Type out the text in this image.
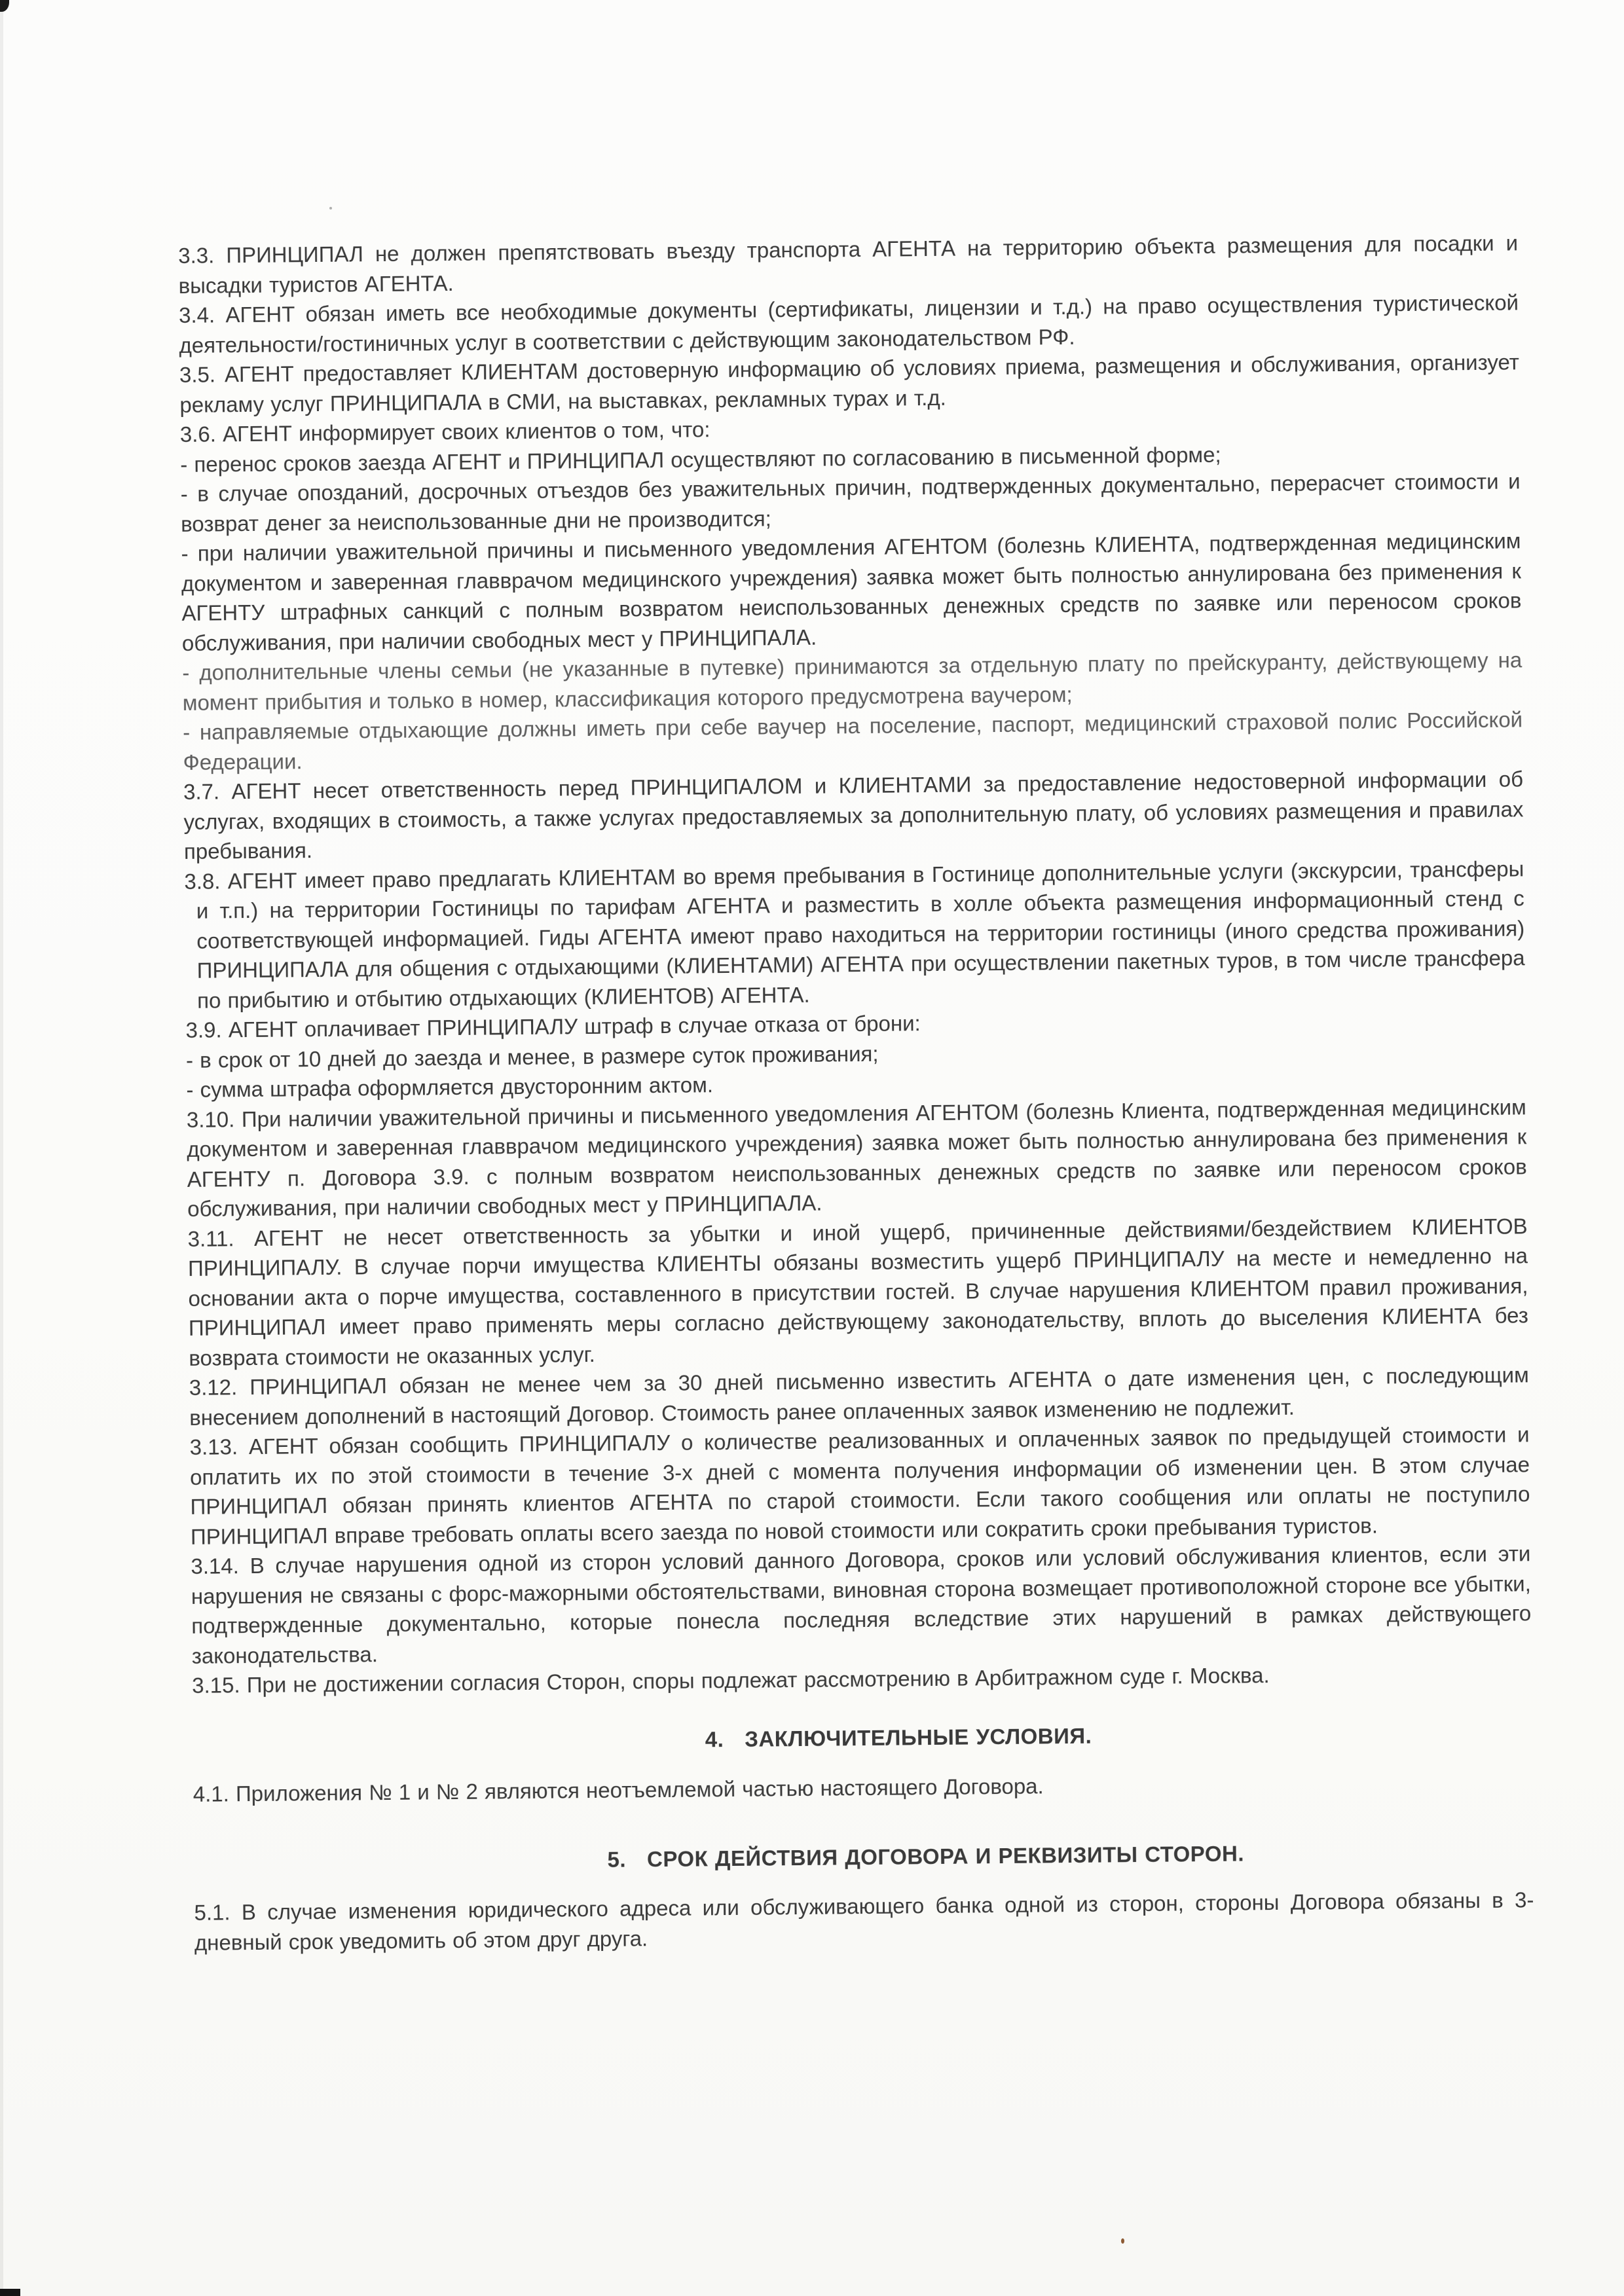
3.3. ПРИНЦИПАЛ не должен препятствовать въезду транспорта АГЕНТА на территорию объекта размещения для посадки и высадки туристов АГЕНТА.

3.4. АГЕНТ обязан иметь все необходимые документы (сертификаты, лицензии и т.д.) на право осуществления туристической деятельности/гостиничных услуг в соответствии с действующим законодательством РФ.

3.5. АГЕНТ предоставляет КЛИЕНТАМ достоверную информацию об условиях приема, размещения и обслуживания, организует рекламу услуг ПРИНЦИПАЛА в СМИ, на выставках, рекламных турах и т.д.

3.6. АГЕНТ информирует своих клиентов о том, что:

- перенос сроков заезда АГЕНТ и ПРИНЦИПАЛ осуществляют по согласованию в письменной форме;

- в случае опозданий, досрочных отъездов без уважительных причин, подтвержденных документально, перерасчет стоимости и возврат денег за неиспользованные дни не производится;

- при наличии уважительной причины и письменного уведомления АГЕНТОМ (болезнь КЛИЕНТА, подтвержденная медицинским документом и заверенная главврачом медицинского учреждения) заявка может быть полностью аннулирована без применения к АГЕНТУ штрафных санкций с полным возвратом неиспользованных денежных средств по заявке или переносом сроков обслуживания, при наличии свободных мест у ПРИНЦИПАЛА.

- дополнительные члены семьи (не указанные в путевке) принимаются за отдельную плату по прейскуранту, действующему на момент прибытия и только в номер, классификация которого предусмотрена ваучером;

- направляемые отдыхающие должны иметь при себе ваучер на поселение, паспорт, медицинский страховой полис Российской Федерации.

3.7. АГЕНТ несет ответственность перед ПРИНЦИПАЛОМ и КЛИЕНТАМИ за предоставление недостоверной информации об услугах, входящих в стоимость, а также услугах предоставляемых за дополнительную плату, об условиях размещения и правилах пребывания.

3.8. АГЕНТ имеет право предлагать КЛИЕНТАМ во время пребывания в Гостинице дополнительные услуги (экскурсии, трансферы и т.п.) на территории Гостиницы по тарифам АГЕНТА и разместить в холле объекта размещения информационный стенд с соответствующей информацией. Гиды АГЕНТА имеют право находиться на территории гостиницы (иного средства проживания) ПРИНЦИПАЛА для общения с отдыхающими (КЛИЕНТАМИ) АГЕНТА при осуществлении пакетных туров, в том числе трансфера по прибытию и отбытию отдыхающих (КЛИЕНТОВ) АГЕНТА.

3.9. АГЕНТ оплачивает ПРИНЦИПАЛУ штраф в случае отказа от брони:

- в срок от 10 дней до заезда и менее, в размере суток проживания;

- сумма штрафа оформляется двусторонним актом.

3.10. При наличии уважительной причины и письменного уведомления АГЕНТОМ (болезнь Клиента, подтвержденная медицинским документом и заверенная главврачом медицинского учреждения) заявка может быть полностью аннулирована без применения к АГЕНТУ п. Договора 3.9. с полным возвратом неиспользованных денежных средств по заявке или переносом сроков обслуживания, при наличии свободных мест у ПРИНЦИПАЛА.

3.11. АГЕНТ не несет ответственность за убытки и иной ущерб, причиненные действиями/бездействием КЛИЕНТОВ ПРИНЦИПАЛУ. В случае порчи имущества КЛИЕНТЫ обязаны возместить ущерб ПРИНЦИПАЛУ на месте и немедленно на основании акта о порче имущества, составленного в присутствии гостей. В случае нарушения КЛИЕНТОМ правил проживания, ПРИНЦИПАЛ имеет право применять меры согласно действующему законодательству, вплоть до выселения КЛИЕНТА без возврата стоимости не оказанных услуг.

3.12. ПРИНЦИПАЛ обязан не менее чем за 30 дней письменно известить АГЕНТА о дате изменения цен, с последующим внесением дополнений в настоящий Договор. Стоимость ранее оплаченных заявок изменению не подлежит.

3.13. АГЕНТ обязан сообщить ПРИНЦИПАЛУ о количестве реализованных и оплаченных заявок по предыдущей стоимости и оплатить их по этой стоимости в течение 3-х дней с момента получения информации об изменении цен. В этом случае ПРИНЦИПАЛ обязан принять клиентов АГЕНТА по старой стоимости. Если такого сообщения или оплаты не поступило ПРИНЦИПАЛ вправе требовать оплаты всего заезда по новой стоимости или сократить сроки пребывания туристов.

3.14. В случае нарушения одной из сторон условий данного Договора, сроков или условий обслуживания клиентов, если эти нарушения не связаны с форс-мажорными обстоятельствами, виновная сторона возмещает противоположной стороне все убытки, подтвержденные документально, которые понесла последняя вследствие этих нарушений в рамках действующего законодательства.

3.15. При не достижении согласия Сторон, споры подлежат рассмотрению в Арбитражном суде г. Москва.

4.   ЗАКЛЮЧИТЕЛЬНЫЕ УСЛОВИЯ.

4.1. Приложения № 1 и № 2 являются неотъемлемой частью настоящего Договора.

5.   СРОК ДЕЙСТВИЯ ДОГОВОРА И РЕКВИЗИТЫ СТОРОН.

5.1. В случае изменения юридического адреса или обслуживающего банка одной из сторон, стороны Договора обязаны в 3-дневный срок уведомить об этом друг друга.
